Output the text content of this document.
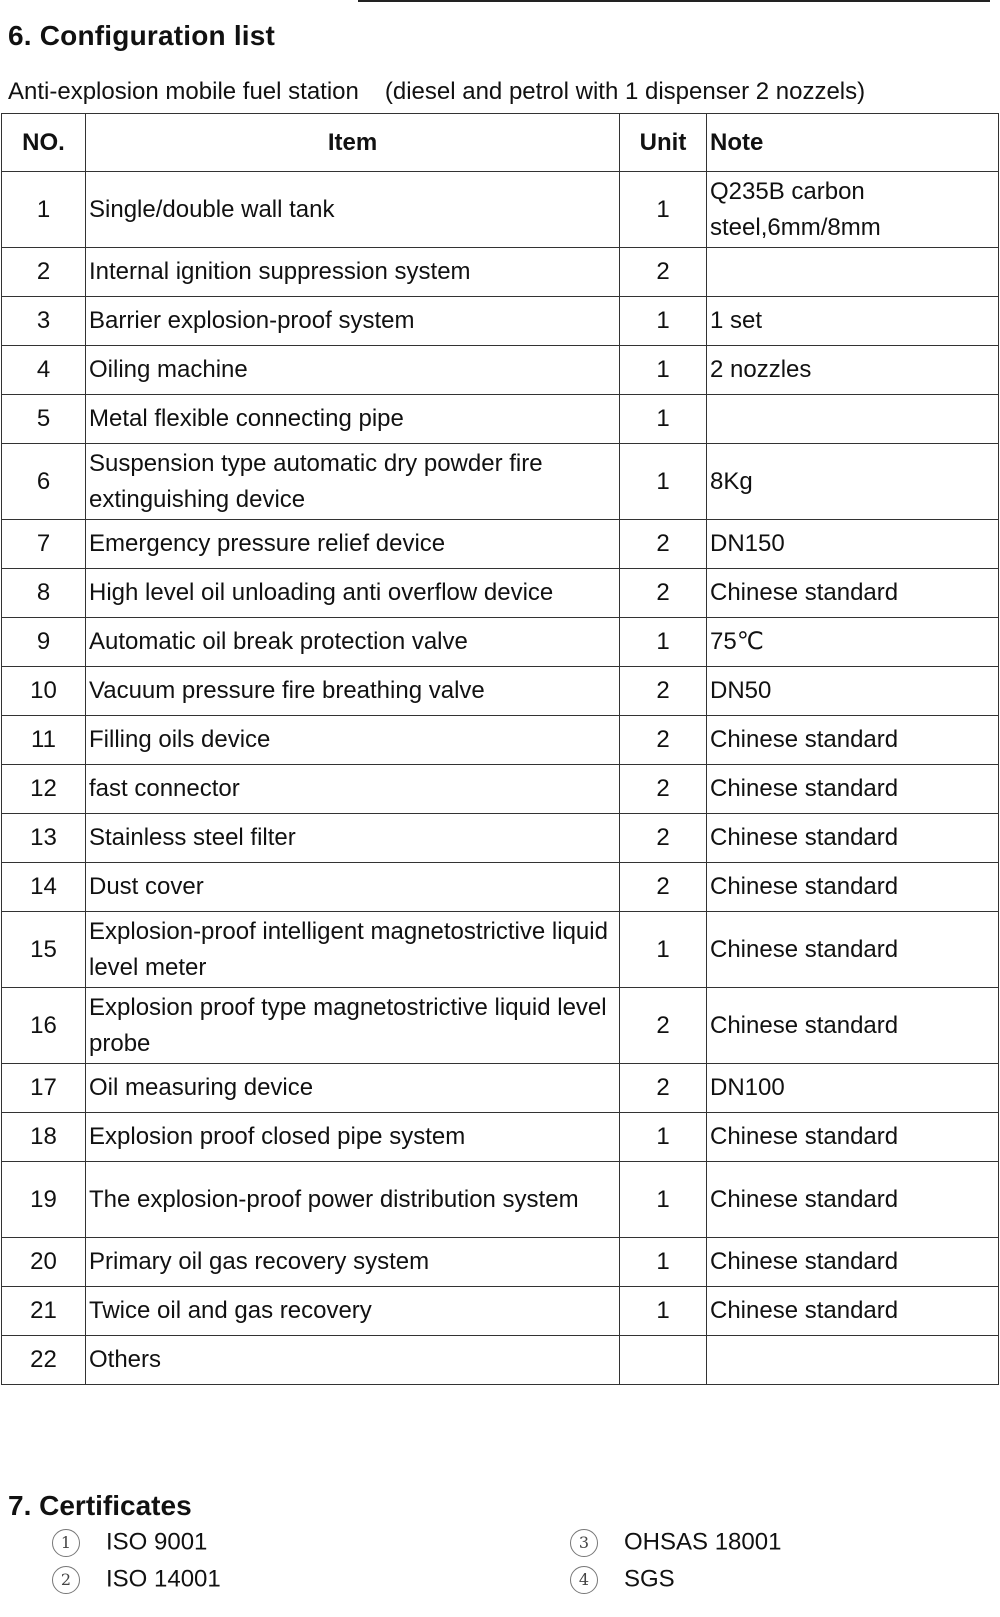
6. Configuration list
Anti-explosion mobile fuel station (diesel and petrol with 1 dispenser 2 nozzels)
NO.	Item	Unit	Note
1	Single/double wall tank	1	Q235B carbon steel,6mm/8mm
2	Internal ignition suppression system	2	
3	Barrier explosion-proof system	1	1 set
4	Oiling machine	1	2 nozzles
5	Metal flexible connecting pipe	1	
6	Suspension type automatic dry powder fire extinguishing device	1	8Kg
7	Emergency pressure relief device	2	DN150
8	High level oil unloading anti overflow device	2	Chinese standard
9	Automatic oil break protection valve	1	75℃
10	Vacuum pressure fire breathing valve	2	DN50
11	Filling oils device	2	Chinese standard
12	fast connector	2	Chinese standard
13	Stainless steel filter	2	Chinese standard
14	Dust cover	2	Chinese standard
15	Explosion-proof intelligent magnetostrictive liquid level meter	1	Chinese standard
16	Explosion proof type magnetostrictive liquid level probe	2	Chinese standard
17	Oil measuring device	2	DN100
18	Explosion proof closed pipe system	1	Chinese standard
19	The explosion-proof power distribution system	1	Chinese standard
20	Primary oil gas recovery system	1	Chinese standard
21	Twice oil and gas recovery	1	Chinese standard
22	Others		
7. Certificates
1 ISO 9001
2 ISO 14001
3 OHSAS 18001
4 SGS
